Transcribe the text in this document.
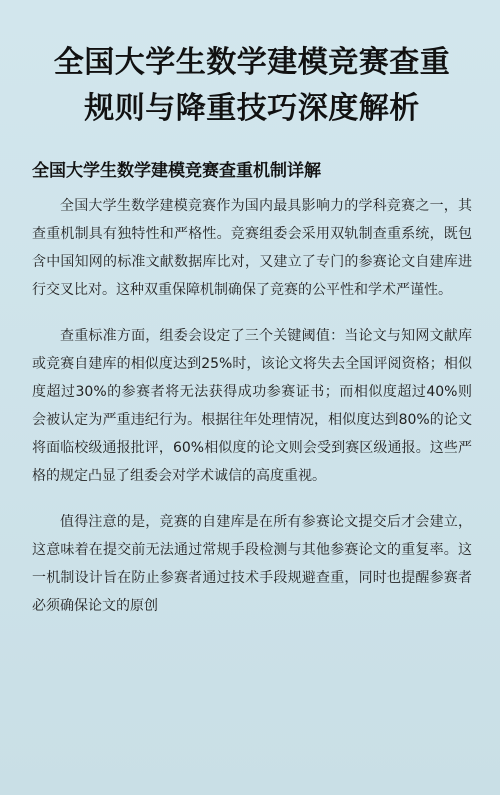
全国大学生数学建模竞赛查重
规则与降重技巧深度解析
全国大学生数学建模竞赛查重机制详解

全国大学生数学建模竞赛作为国内最具影响力的学科竞赛之一，其查重机制具有独特性和严格性。竞赛组委会采用双轨制查重系统，既包含中国知网的标准文献数据库比对，又建立了专门的参赛论文自建库进行交叉比对。这种双重保障机制确保了竞赛的公平性和学术严谨性。

查重标准方面，组委会设定了三个关键阈值：当论文与知网文献库或竞赛自建库的相似度达到25%时，该论文将失去全国评阅资格；相似度超过30%的参赛者将无法获得成功参赛证书；而相似度超过40%则会被认定为严重违纪行为。根据往年处理情况，相似度达到80%的论文将面临校级通报批评，60%相似度的论文则会受到赛区级通报。这些严格的规定凸显了组委会对学术诚信的高度重视。

值得注意的是，竞赛的自建库是在所有参赛论文提交后才会建立，这意味着在提交前无法通过常规手段检测与其他参赛论文的重复率。这一机制设计旨在防止参赛者通过技术手段规避查重，同时也提醒参赛者必须确保论文的原创
